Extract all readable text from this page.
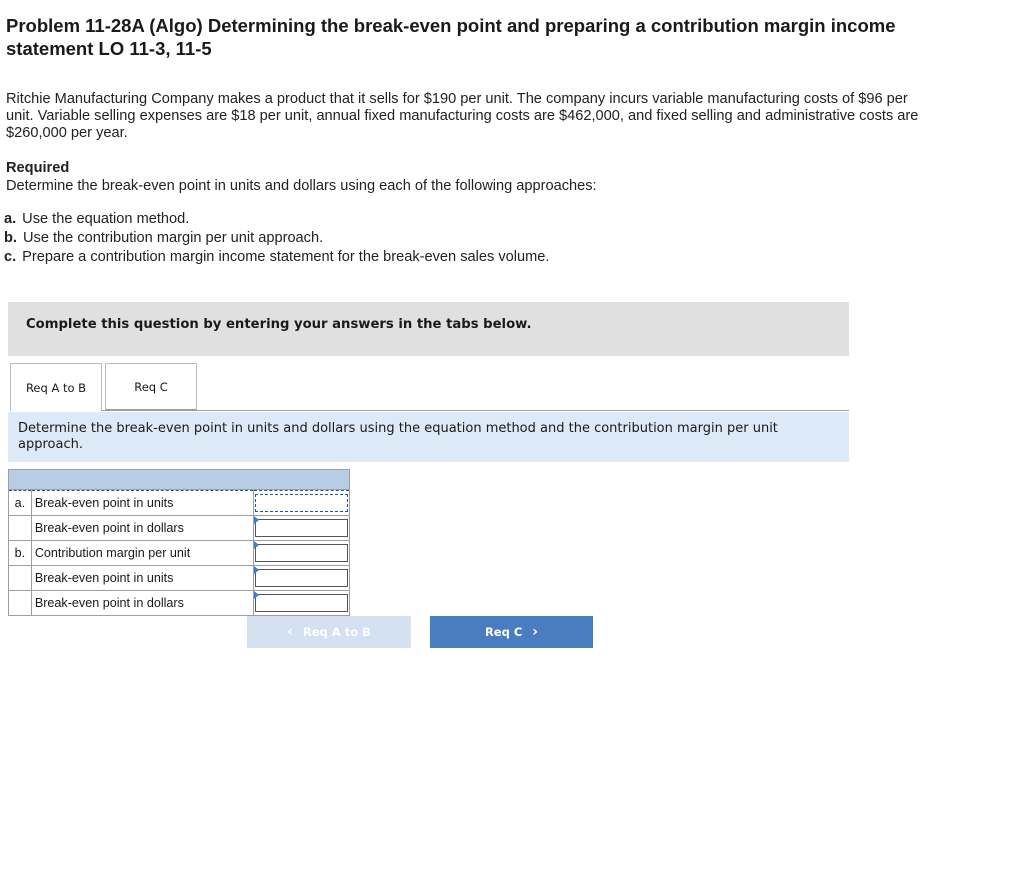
Problem 11-28A (Algo) Determining the break-even point and preparing a contribution margin income statement LO 11-3, 11-5
Ritchie Manufacturing Company makes a product that it sells for $190 per unit. The company incurs variable manufacturing costs of $96 per unit. Variable selling expenses are $18 per unit, annual fixed manufacturing costs are $462,000, and fixed selling and administrative costs are $260,000 per year.
Required
Determine the break-even point in units and dollars using each of the following approaches:
a. Use the equation method.
b. Use the contribution margin per unit approach.
c. Prepare a contribution margin income statement for the break-even sales volume.
Complete this question by entering your answers in the tabs below.
Req A to B	Req C
Determine the break-even point in units and dollars using the equation method and the contribution margin per unit approach.
a.	Break-even point in units	
	Break-even point in dollars	

b.	Contribution margin per unit	

	Break-even point in units	

	Break-even point in dollars	
‹ Req A to B	Req C ›
